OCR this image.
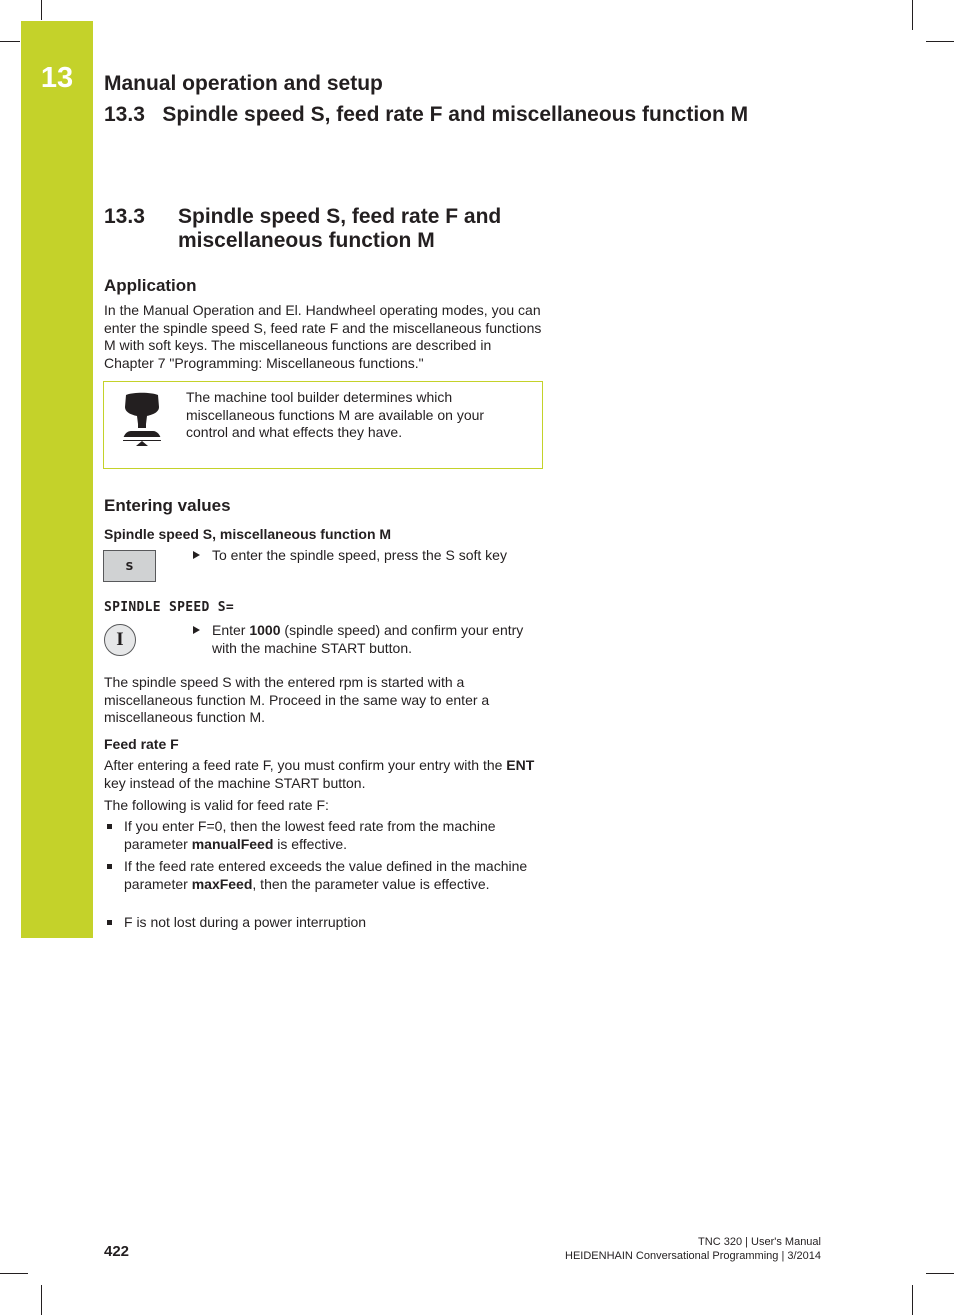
13	Manual operation and setup
13.3   Spindle speed S, feed rate F and miscellaneous function M
13.3 Spindle speed S, feed rate F and miscellaneous function M
Application
In the Manual Operation and El. Handwheel operating modes, you can enter the spindle speed S, feed rate F and the miscellaneous functions M with soft keys. The miscellaneous functions are described in Chapter 7 "Programming: Miscellaneous functions."
The machine tool builder determines which miscellaneous functions M are available on your control and what effects they have.
Entering values
Spindle speed S, miscellaneous function M
S
To enter the spindle speed, press the S soft key
SPINDLE SPEED S=
I	Enter 1000 (spindle speed) and confirm your entry with the machine START button.
The spindle speed S with the entered rpm is started with a miscellaneous function M. Proceed in the same way to enter a miscellaneous function M.
Feed rate F
After entering a feed rate F, you must confirm your entry with the ENT key instead of the machine START button.
The following is valid for feed rate F:
If you enter F=0, then the lowest feed rate from the machine parameter manualFeed is effective.
If the feed rate entered exceeds the value defined in the machine parameter maxFeed, then the parameter value is effective.
F is not lost during a power interruption
422
TNC 320 | User's Manual
HEIDENHAIN Conversational Programming | 3/2014
